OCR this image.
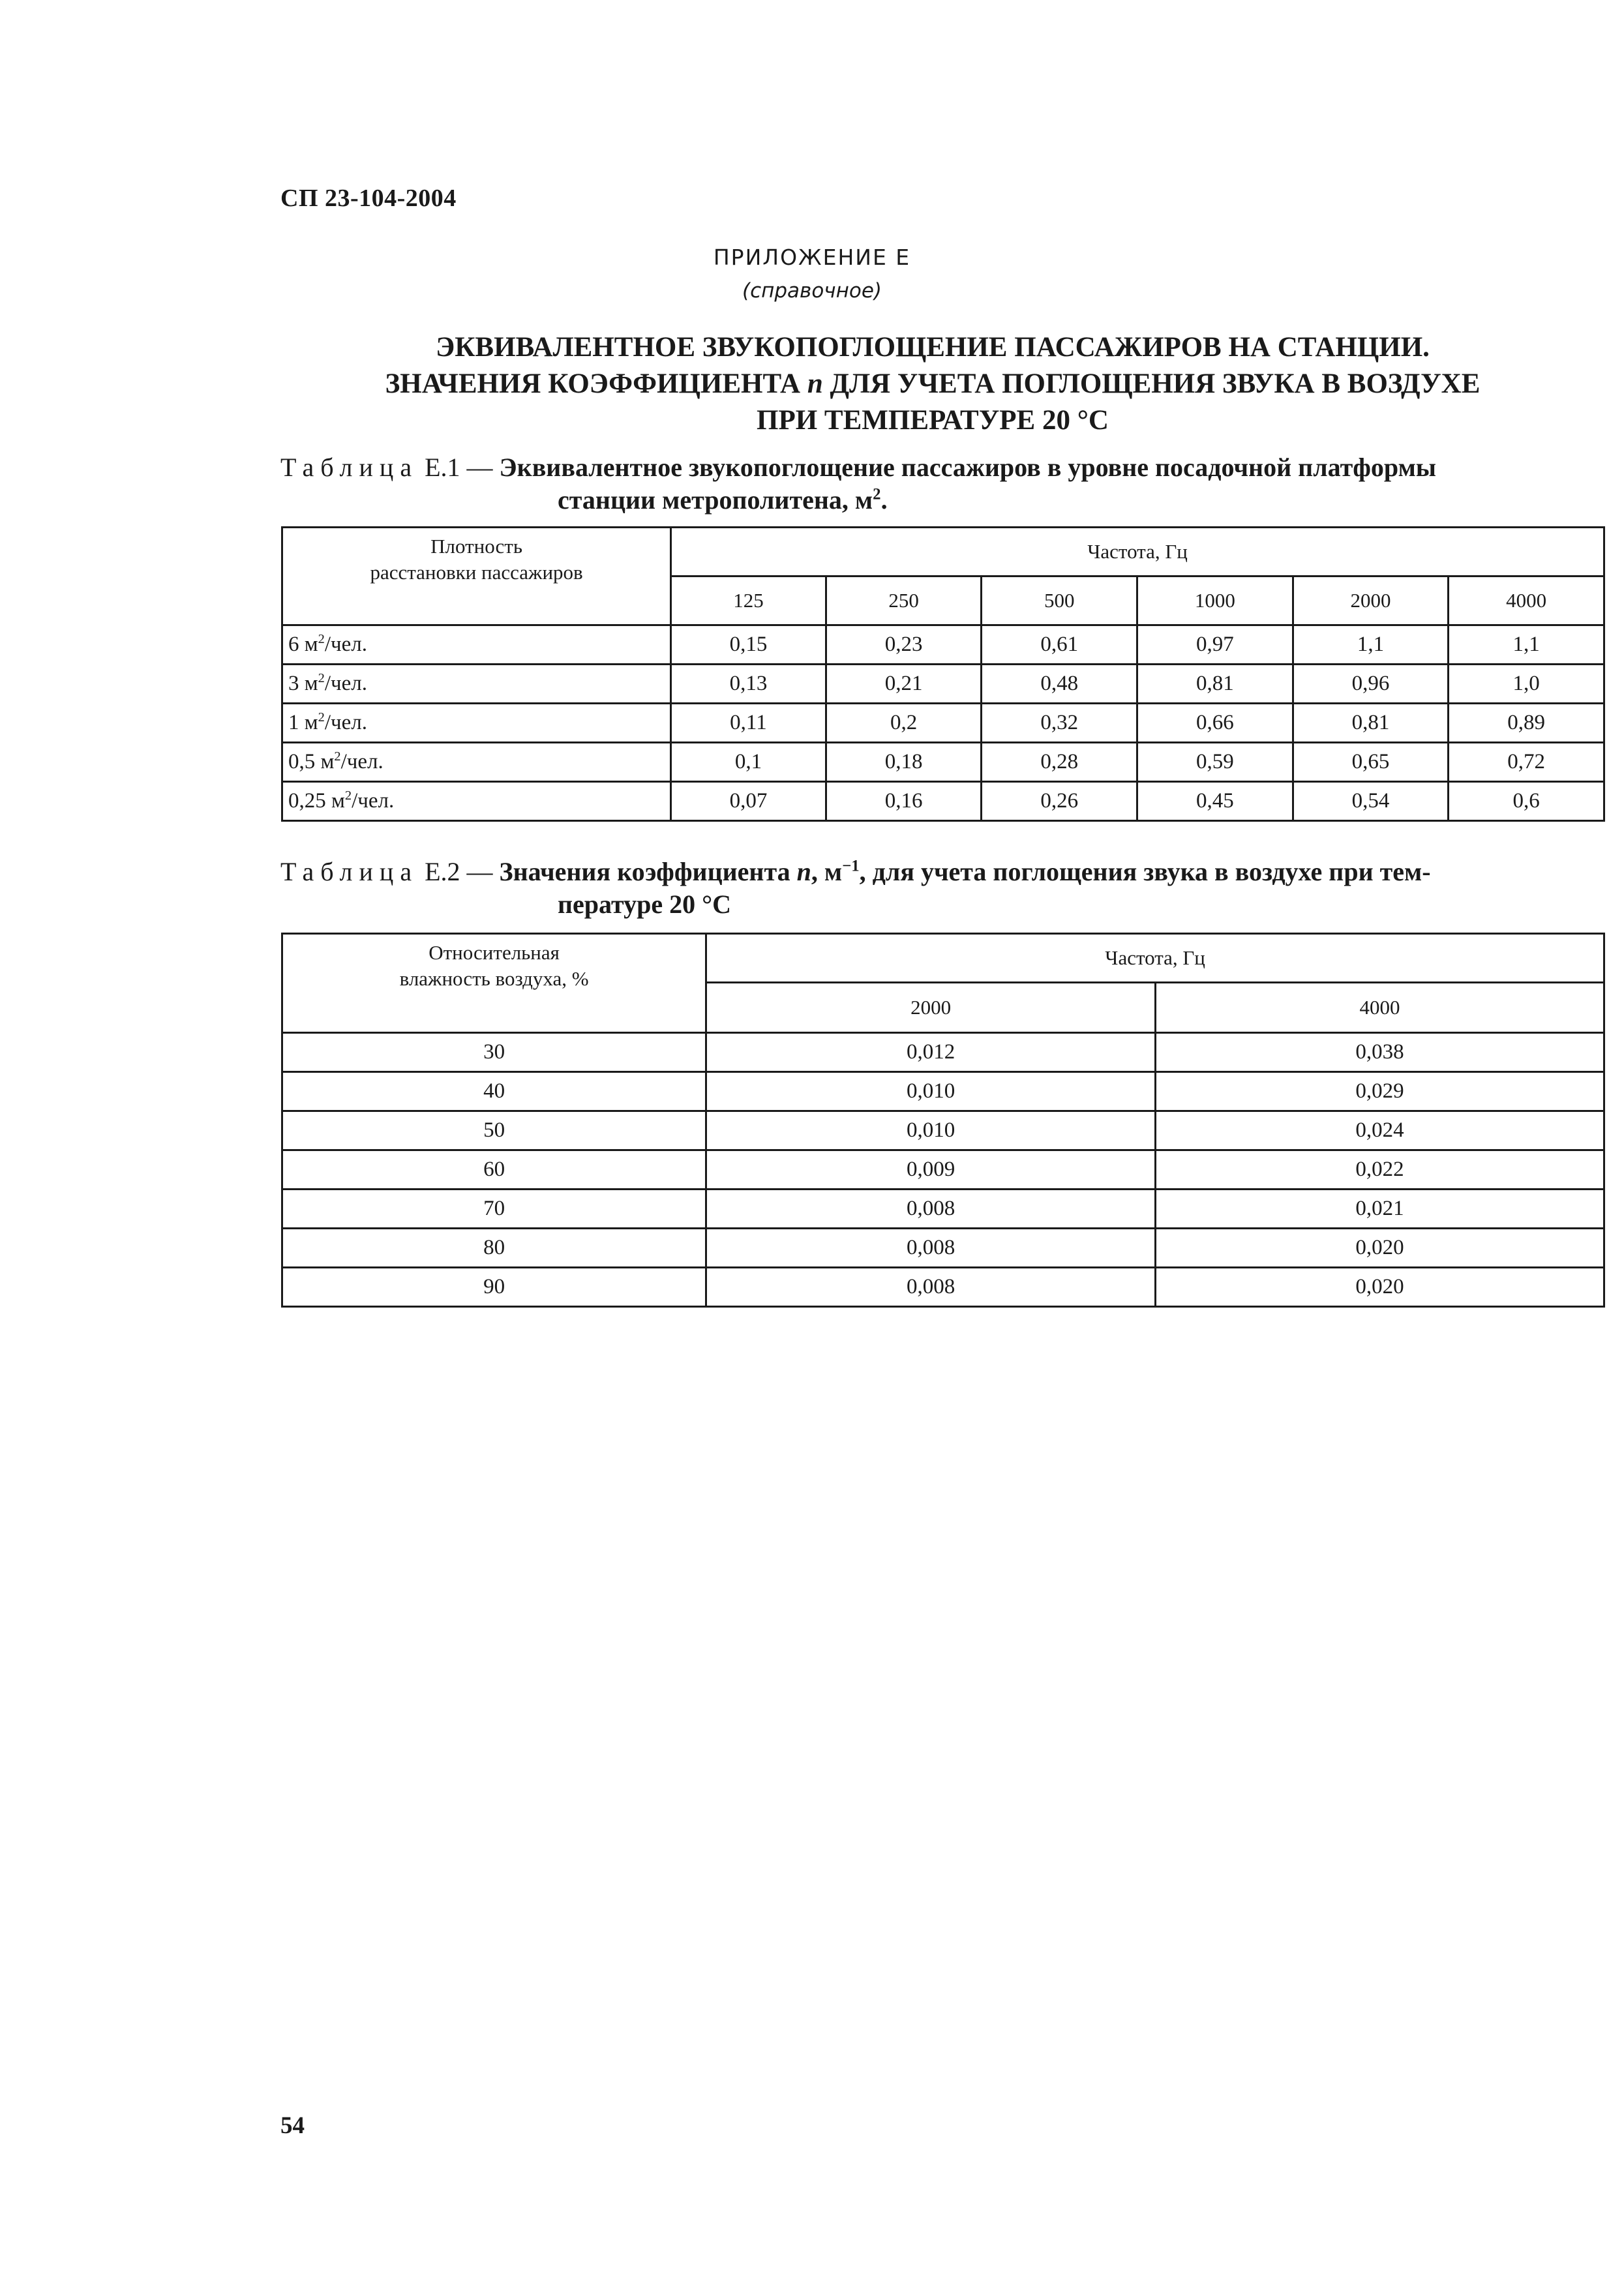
СП 23-104-2004
ПРИЛОЖЕНИЕ Е
(справочное)
ЭКВИВАЛЕНТНОЕ ЗВУКОПОГЛОЩЕНИЕ ПАССАЖИРОВ НА СТАНЦИИ.
ЗНАЧЕНИЯ КОЭФФИЦИЕНТА n ДЛЯ УЧЕТА ПОГЛОЩЕНИЯ ЗВУКА В ВОЗДУХЕ
ПРИ ТЕМПЕРАТУРЕ 20 °С
Таблица Е.1 — Эквивалентное звукопоглощение пассажиров в уровне посадочной платформы
станции метрополитена, $м^2$.
Плотность
расстановки пассажиров	Частота, Гц					
	125	250	500	1000	2000	4000
6 $м^2$/чел.	0,15	0,23	0,61	0,97	1,1	1,1
3 $м^2$/чел.	0,13	0,21	0,48	0,81	0,96	1,0
1 $м^2$/чел.	0,11	0,2	0,32	0,66	0,81	0,89
0,5 $м^2$/чел.	0,1	0,18	0,28	0,59	0,65	0,72
0,25 $м^2$/чел.	0,07	0,16	0,26	0,45	0,54	0,6
Таблица Е.2 — Значения коэффициента n, $м^{-1}$, для учета поглощения звука в воздухе при тем-
пературе 20 °С
Относительная
влажность воздуха, %	Частота, Гц	
	2000	4000
30	0,012	0,038
40	0,010	0,029
50	0,010	0,024
60	0,009	0,022
70	0,008	0,021
80	0,008	0,020
90	0,008	0,020
54
